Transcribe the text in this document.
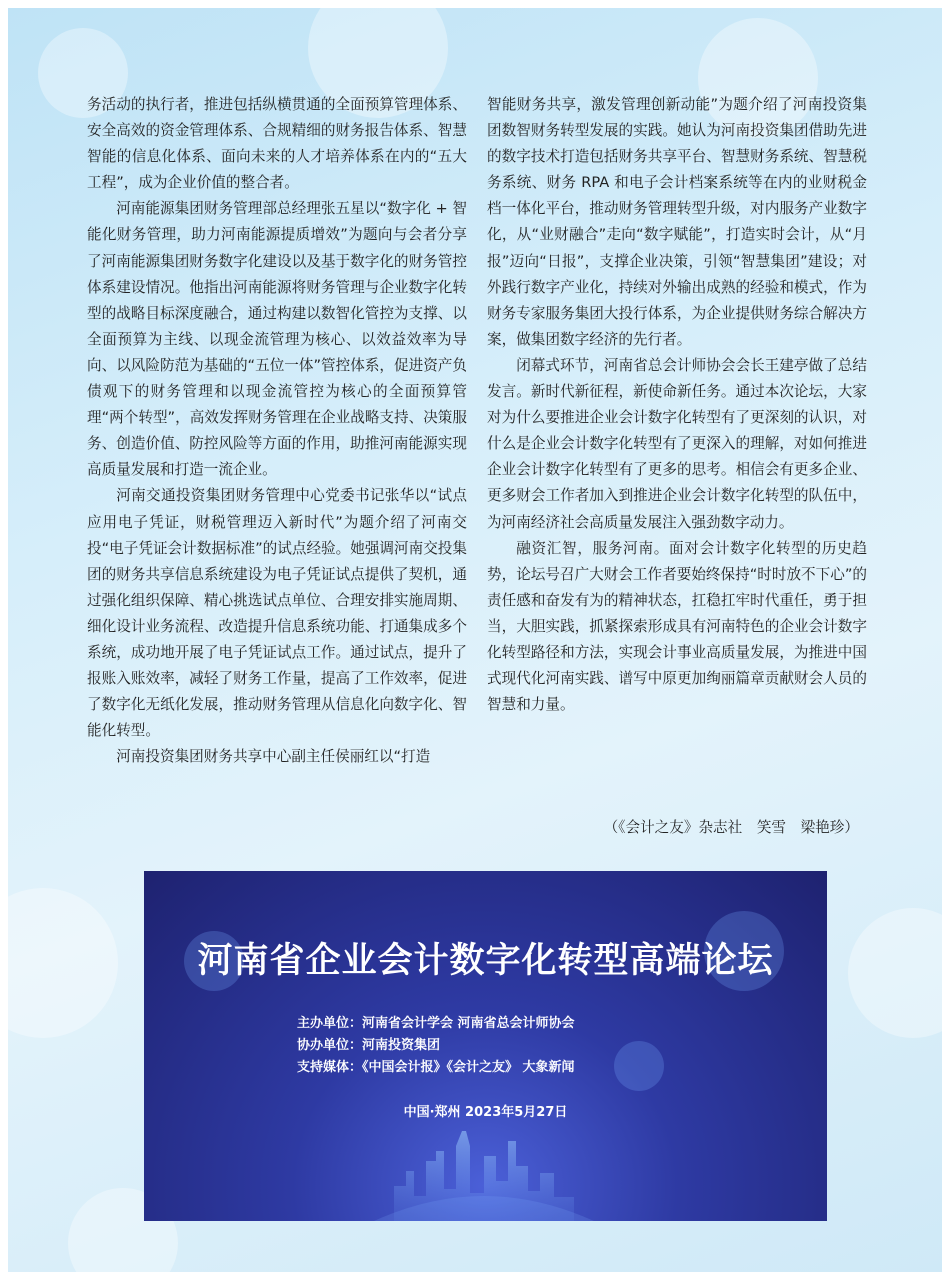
务活动的执行者，推进包括纵横贯通的全面预算管理体系、安全高效的资金管理体系、合规精细的财务报告体系、智慧智能的信息化体系、面向未来的人才培养体系在内的“五大工程”，成为企业价值的整合者。

河南能源集团财务管理部总经理张五星以“数字化 + 智能化财务管理，助力河南能源提质增效”为题向与会者分享了河南能源集团财务数字化建设以及基于数字化的财务管控体系建设情况。他指出河南能源将财务管理与企业数字化转型的战略目标深度融合，通过构建以数智化管控为支撑、以全面预算为主线、以现金流管理为核心、以效益效率为导向、以风险防范为基础的“五位一体”管控体系，促进资产负债观下的财务管理和以现金流管控为核心的全面预算管理“两个转型”，高效发挥财务管理在企业战略支持、决策服务、创造价值、防控风险等方面的作用，助推河南能源实现高质量发展和打造一流企业。

河南交通投资集团财务管理中心党委书记张华以“试点应用电子凭证，财税管理迈入新时代”为题介绍了河南交投“电子凭证会计数据标准”的试点经验。她强调河南交投集团的财务共享信息系统建设为电子凭证试点提供了契机，通过强化组织保障、精心挑选试点单位、合理安排实施周期、细化设计业务流程、改造提升信息系统功能、打通集成多个系统，成功地开展了电子凭证试点工作。通过试点，提升了报账入账效率，减轻了财务工作量，提高了工作效率，促进了数字化无纸化发展，推动财务管理从信息化向数字化、智能化转型。

河南投资集团财务共享中心副主任侯丽红以“打造

智能财务共享，激发管理创新动能”为题介绍了河南投资集团数智财务转型发展的实践。她认为河南投资集团借助先进的数字技术打造包括财务共享平台、智慧财务系统、智慧税务系统、财务 RPA 和电子会计档案系统等在内的业财税金档一体化平台，推动财务管理转型升级，对内服务产业数字化，从“业财融合”走向“数字赋能”，打造实时会计，从“月报”迈向“日报”，支撑企业决策，引领“智慧集团”建设；对外践行数字产业化，持续对外输出成熟的经验和模式，作为财务专家服务集团大投行体系，为企业提供财务综合解决方案，做集团数字经济的先行者。

闭幕式环节，河南省总会计师协会会长王建亭做了总结发言。新时代新征程，新使命新任务。通过本次论坛，大家对为什么要推进企业会计数字化转型有了更深刻的认识，对什么是企业会计数字化转型有了更深入的理解，对如何推进企业会计数字化转型有了更多的思考。相信会有更多企业、更多财会工作者加入到推进企业会计数字化转型的队伍中，为河南经济社会高质量发展注入强劲数字动力。

融资汇智，服务河南。面对会计数字化转型的历史趋势，论坛号召广大财会工作者要始终保持“时时放不下心”的责任感和奋发有为的精神状态，扛稳扛牢时代重任，勇于担当，大胆实践，抓紧探索形成具有河南特色的企业会计数字化转型路径和方法，实现会计事业高质量发展，为推进中国式现代化河南实践、谱写中原更加绚丽篇章贡献财会人员的智慧和力量。

（《会计之友》杂志社　笑雪　梁艳珍）
河南省企业会计数字化转型高端论坛
主办单位：河南省会计学会 河南省总会计师协会
协办单位：河南投资集团
支持媒体：《中国会计报》《会计之友》 大象新闻
中国·郑州 2023年5月27日
